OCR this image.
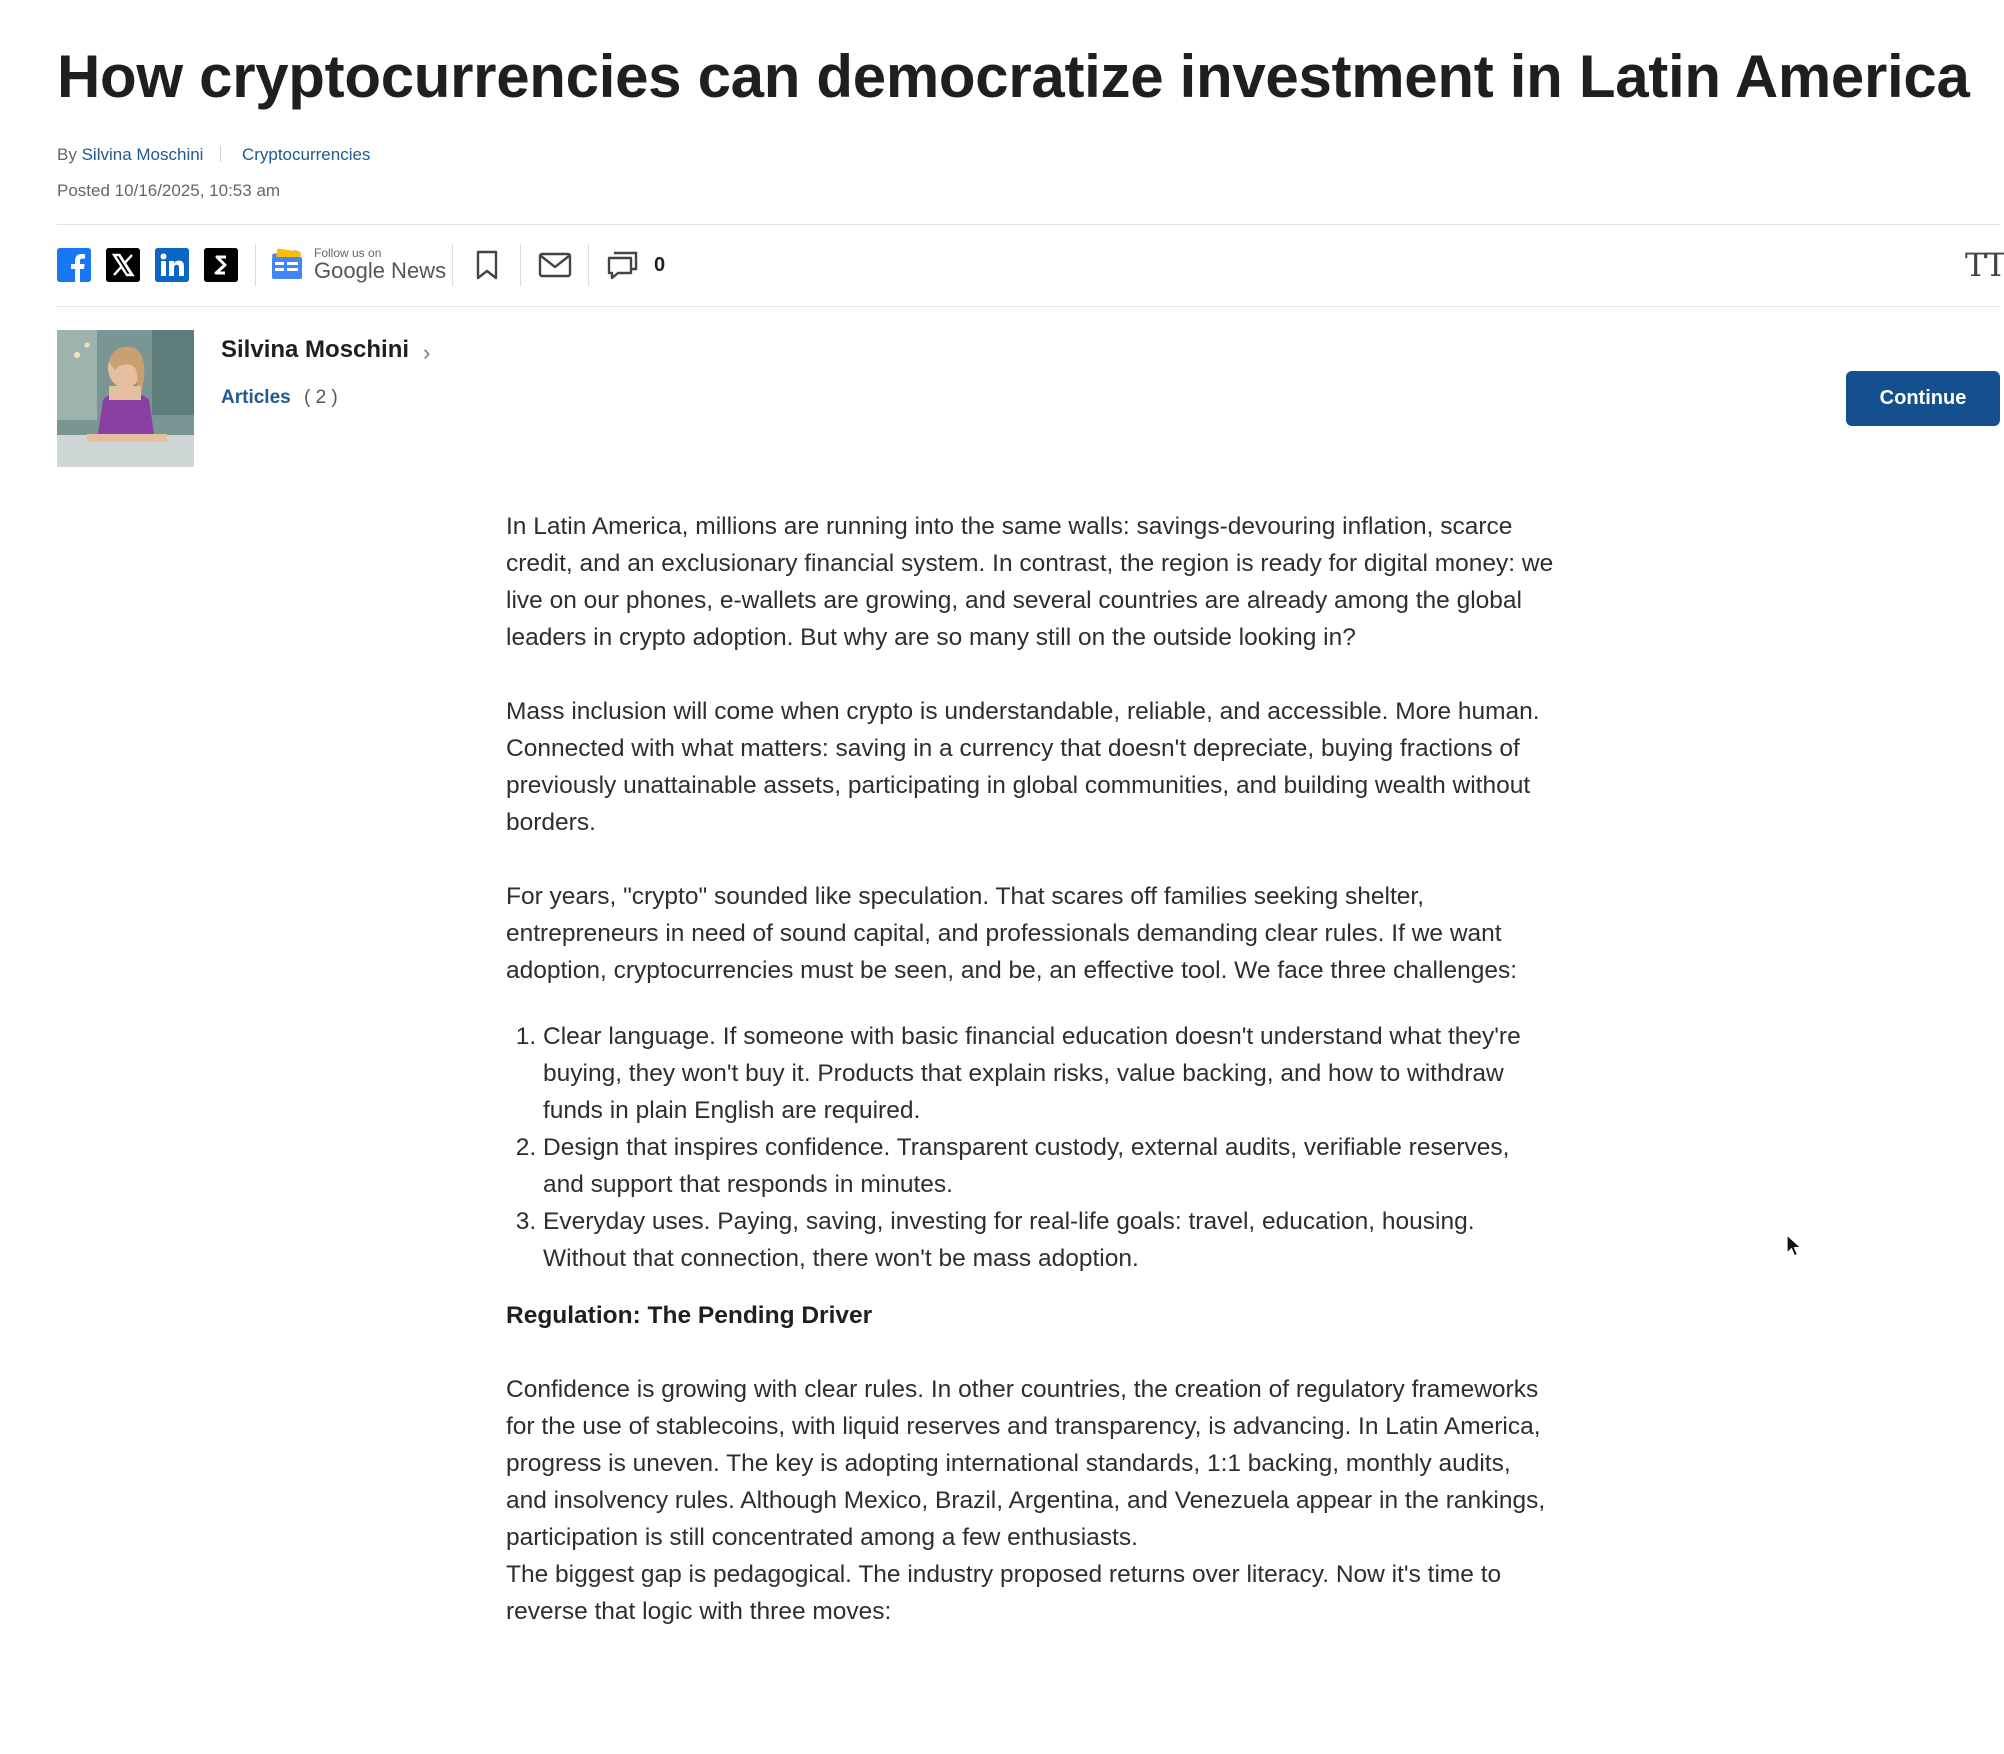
How cryptocurrencies can democratize investment in Latin America
By Silvina Moschini Cryptocurrencies
Posted 10/16/2025, 10:53 am
Follow us on
Google News	0	TT
Silvina Moschini ›
Articles ( 2 )	Continue

In Latin America, millions are running into the same walls: savings-devouring inflation, scarce credit, and an exclusionary financial system. In contrast, the region is ready for digital money: we live on our phones, e-wallets are growing, and several countries are already among the global leaders in crypto adoption. But why are so many still on the outside looking in?

Mass inclusion will come when crypto is understandable, reliable, and accessible. More human. Connected with what matters: saving in a currency that doesn't depreciate, buying fractions of previously unattainable assets, participating in global communities, and building wealth without borders.

For years, "crypto" sounded like speculation. That scares off families seeking shelter, entrepreneurs in need of sound capital, and professionals demanding clear rules. If we want adoption, cryptocurrencies must be seen, and be, an effective tool. We face three challenges:

1. Clear language. If someone with basic financial education doesn't understand what they're buying, they won't buy it. Products that explain risks, value backing, and how to withdraw funds in plain English are required.
2. Design that inspires confidence. Transparent custody, external audits, verifiable reserves, and support that responds in minutes.
3. Everyday uses. Paying, saving, investing for real-life goals: travel, education, housing. Without that connection, there won't be mass adoption.
Regulation: The Pending Driver

Confidence is growing with clear rules. In other countries, the creation of regulatory frameworks for the use of stablecoins, with liquid reserves and transparency, is advancing. In Latin America, progress is uneven. The key is adopting international standards, 1:1 backing, monthly audits, and insolvency rules. Although Mexico, Brazil, Argentina, and Venezuela appear in the rankings, participation is still concentrated among a few enthusiasts.

The biggest gap is pedagogical. The industry proposed returns over literacy. Now it's time to reverse that logic with three moves:
